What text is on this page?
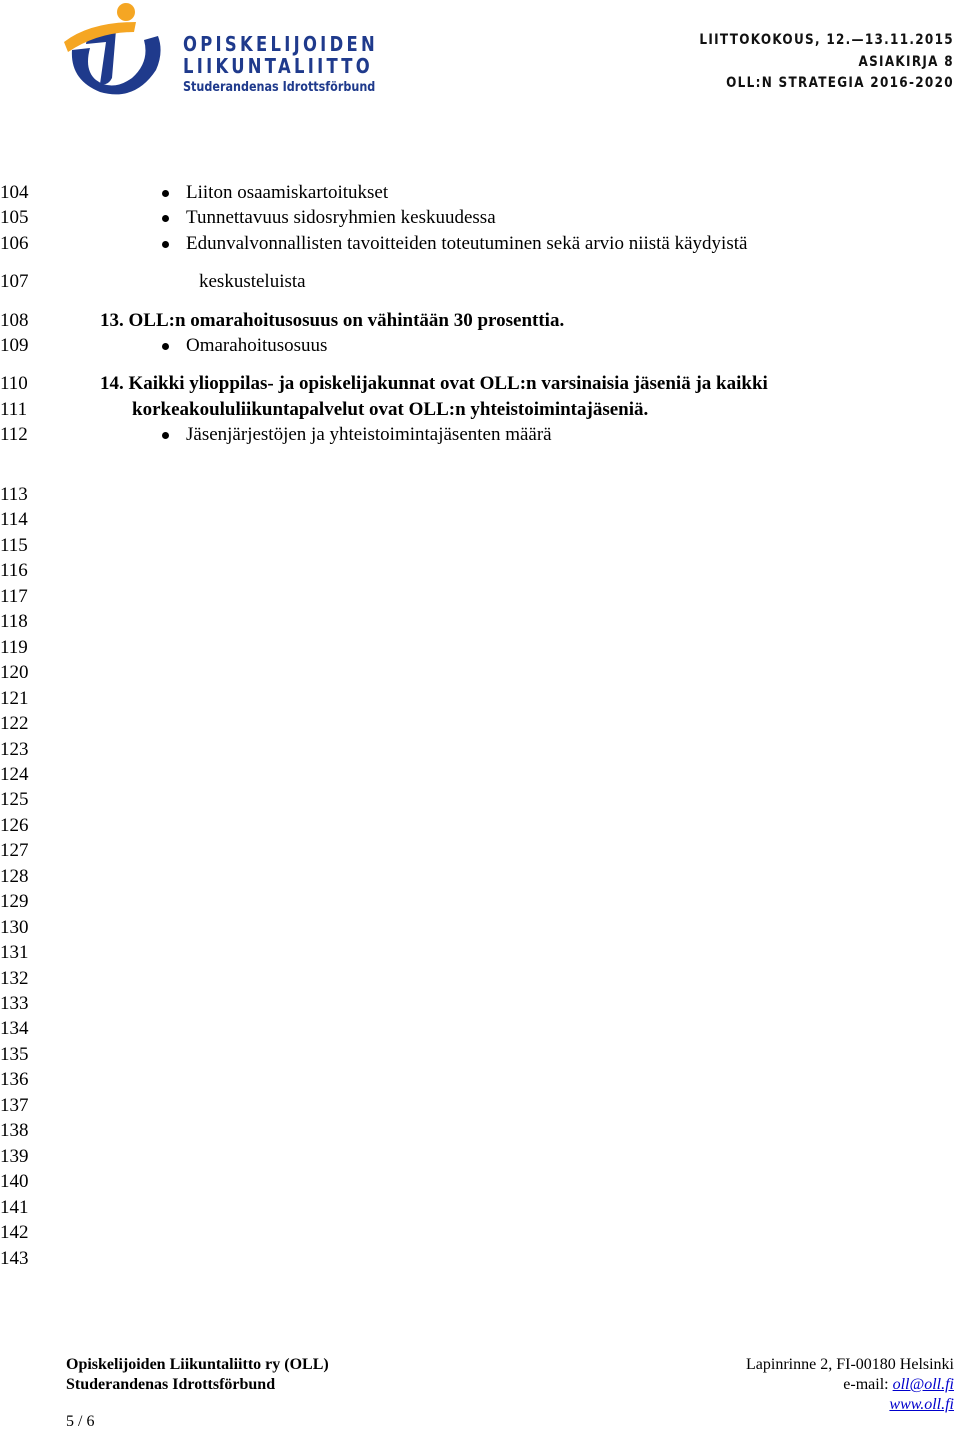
OPISKELIJOIDEN
LIIKUNTALIITTO
Studerandenas Idrottsförbund
LIITTOKOKOUS, 12.—13.11.2015
ASIAKIRJA 8
OLL:N STRATEGIA 2016-2020
104
105
106
107
108
109
110
111
112
Liiton osaamiskartoitukset
Tunnettavuus sidosryhmien keskuudessa
Edunvalvonnallisten tavoitteiden toteutuminen sekä arvio niistä käydyistä
keskusteluista
13. OLL:n omarahoitusosuus on vähintään 30 prosenttia.
Omarahoitusosuus
14. Kaikki ylioppilas- ja opiskelijakunnat ovat OLL:n varsinaisia jäseniä ja kaikki
korkeakoululiikuntapalvelut ovat OLL:n yhteistoimintajäseniä.
Jäsenjärjestöjen ja yhteistoimintajäsenten määrä
113
114
115
116
117
118
119
120
121
122
123
124
125
126
127
128
129
130
131
132
133
134
135
136
137
138
139
140
141
142
143
Opiskelijoiden Liikuntaliitto ry (OLL)
Studerandenas Idrottsförbund
5 / 6
Lapinrinne 2, FI-00180 Helsinki
e-mail: oll@oll.fi
www.oll.fi
